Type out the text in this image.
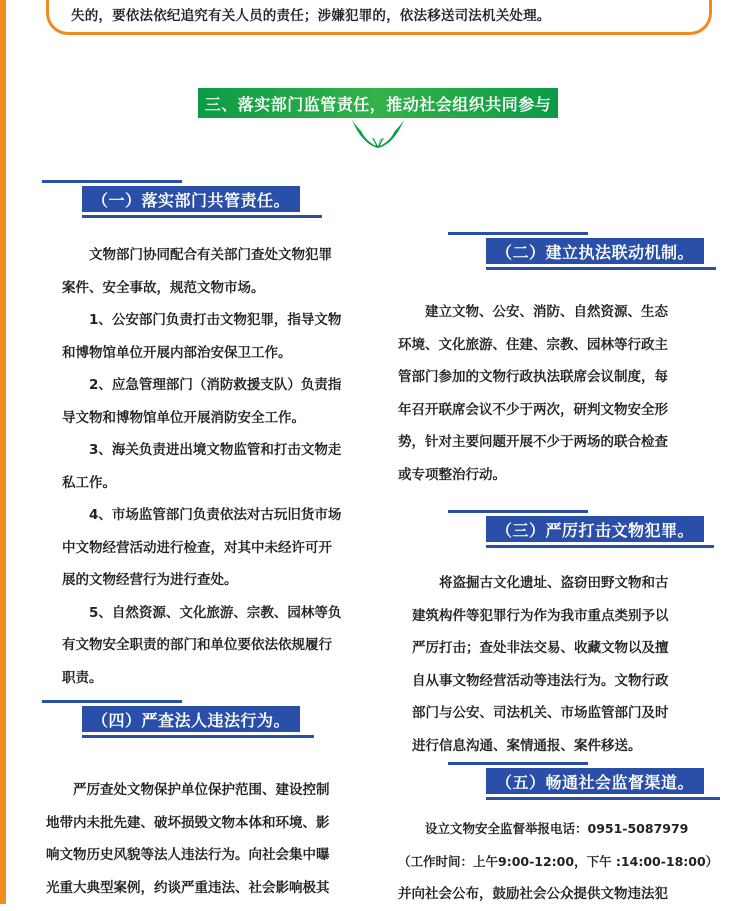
失的，要依法依纪追究有关人员的责任；涉嫌犯罪的，依法移送司法机关处理。

三、落实部门监管责任，推动社会组织共同参与
（一）落实部门共管责任。
文物部门协同配合有关部门查处文物犯罪
案件、安全事故，规范文物市场。
1、公安部门负责打击文物犯罪，指导文物
和博物馆单位开展内部治安保卫工作。
2、应急管理部门（消防救援支队）负责指
导文物和博物馆单位开展消防安全工作。
3、海关负责进出境文物监管和打击文物走
私工作。
4、市场监管部门负责依法对古玩旧货市场
中文物经营活动进行检查，对其中未经许可开
展的文物经营行为进行查处。
5、自然资源、文化旅游、宗教、园林等负
有文物安全职责的部门和单位要依法依规履行
职责。
（二）建立执法联动机制。
建立文物、公安、消防、自然资源、生态
环境、文化旅游、住建、宗教、园林等行政主
管部门参加的文物行政执法联席会议制度，每
年召开联席会议不少于两次，研判文物安全形
势，针对主要问题开展不少于两场的联合检查
或专项整治行动。
（三）严厉打击文物犯罪。
将盗掘古文化遗址、盗窃田野文物和古
建筑构件等犯罪行为作为我市重点类别予以
严厉打击；查处非法交易、收藏文物以及擅
自从事文物经营活动等违法行为。文物行政
部门与公安、司法机关、市场监管部门及时
进行信息沟通、案情通报、案件移送。
（四）严查法人违法行为。
严厉查处文物保护单位保护范围、建设控制
地带内未批先建、破坏损毁文物本体和环境、影
响文物历史风貌等法人违法行为。向社会集中曝
光重大典型案例，约谈严重违法、社会影响极其
（五）畅通社会监督渠道。
设立文物安全监督举报电话：0951-5087979
（工作时间：上午9:00-12:00，下午 :14:00-18:00）
并向社会公布，鼓励社会公众提供文物违法犯
